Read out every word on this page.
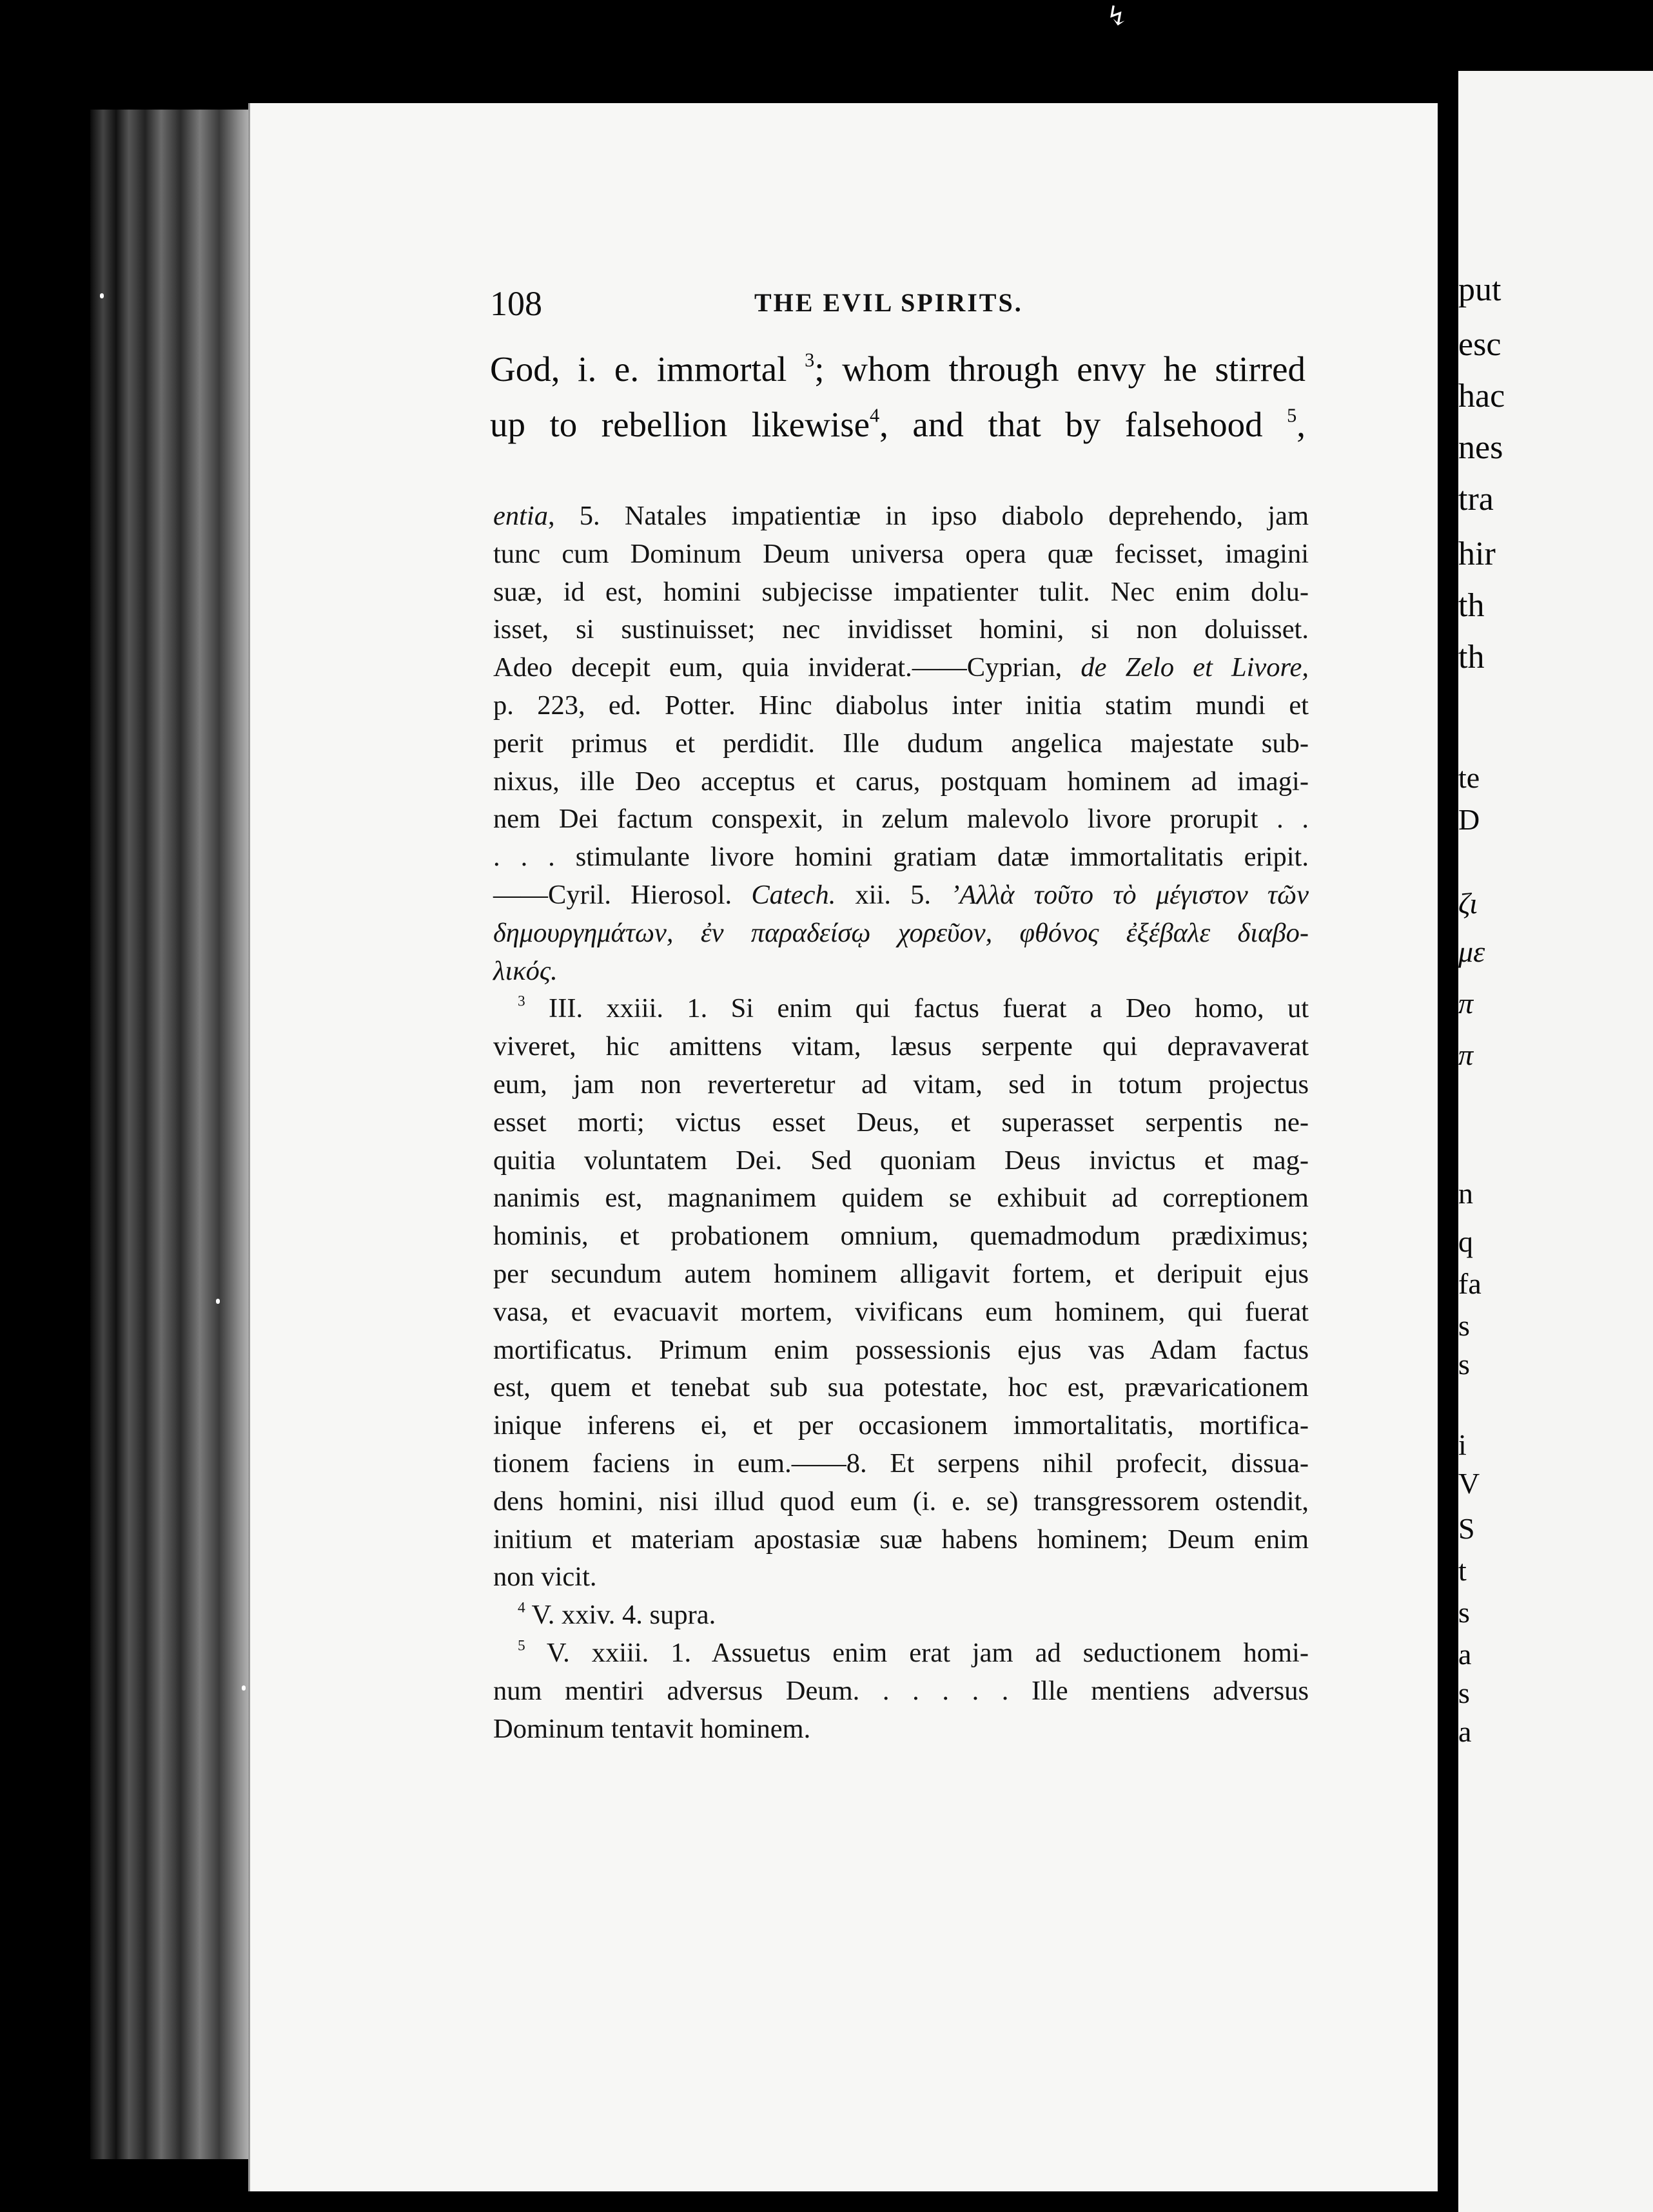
↯

put

esc

hac

nes

tra

hir

th

th

te

D

ζι

με

π

π

n

q

fa

s

s

i

V

S

t

s

a

s

a

108	THE EVIL SPIRITS.

God, i. e. immortal $^3$; whom through envy he stirred
up to rebellion likewise$^4$, and that by falsehood $^5$,

entia, 5. Natales impatientiæ in ipso diabolo deprehendo, jam
tunc cum Dominum Deum universa opera quæ fecisset, imagini
suæ, id est, homini subjecisse impatienter tulit. Nec enim dolu-
isset, si sustinuisset; nec invidisset homini, si non doluisset.
Adeo decepit eum, quia inviderat.——Cyprian, de Zelo et Livore,
p. 223, ed. Potter. Hinc diabolus inter initia statim mundi et
perit primus et perdidit. Ille dudum angelica majestate sub-
nixus, ille Deo acceptus et carus, postquam hominem ad imagi-
nem Dei factum conspexit, in zelum malevolo livore prorupit . .
. . . stimulante livore homini gratiam datæ immortalitatis eripit.
——Cyril. Hierosol. Catech. xii. 5. ’Αλλὰ τοῦτο τὸ μέγιστον τῶν
δημουργημάτων, ἐν παραδείσῳ χορεῦον, φθόνος ἐξέβαλε διαβο-
λικός.
$^3$ III. xxiii. 1. Si enim qui factus fuerat a Deo homo, ut
viveret, hic amittens vitam, læsus serpente qui depravaverat
eum, jam non reverteretur ad vitam, sed in totum projectus
esset morti; victus esset Deus, et superasset serpentis ne-
quitia voluntatem Dei. Sed quoniam Deus invictus et mag-
nanimis est, magnanimem quidem se exhibuit ad correptionem
hominis, et probationem omnium, quemadmodum prædiximus;
per secundum autem hominem alligavit fortem, et deripuit ejus
vasa, et evacuavit mortem, vivificans eum hominem, qui fuerat
mortificatus. Primum enim possessionis ejus vas Adam factus
est, quem et tenebat sub sua potestate, hoc est, prævaricationem
inique inferens ei, et per occasionem immortalitatis, mortifica-
tionem faciens in eum.——8. Et serpens nihil profecit, dissua-
dens homini, nisi illud quod eum (i. e. se) transgressorem ostendit,
initium et materiam apostasiæ suæ habens hominem; Deum enim
non vicit.
$^4$ V. xxiv. 4. supra.
$^5$ V. xxiii. 1. Assuetus enim erat jam ad seductionem homi-
num mentiri adversus Deum. . . . . . Ille mentiens adversus
Dominum tentavit hominem.
